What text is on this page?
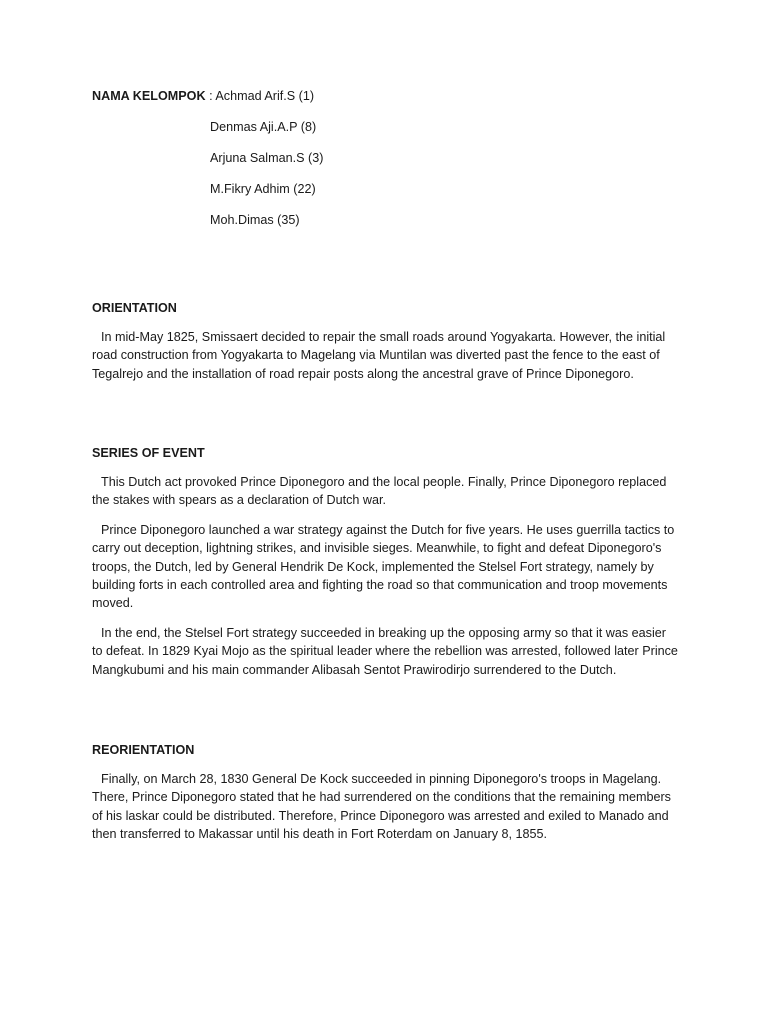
NAMA KELOMPOK : Achmad Arif.S (1)
Denmas Aji.A.P (8)
Arjuna Salman.S (3)
M.Fikry Adhim (22)
Moh.Dimas (35)
ORIENTATION

In mid-May 1825, Smissaert decided to repair the small roads around Yogyakarta. However, the initial road construction from Yogyakarta to Magelang via Muntilan was diverted past the fence to the east of Tegalrejo and the installation of road repair posts along the ancestral grave of Prince Diponegoro.

SERIES OF EVENT

This Dutch act provoked Prince Diponegoro and the local people. Finally, Prince Diponegoro replaced the stakes with spears as a declaration of Dutch war.

Prince Diponegoro launched a war strategy against the Dutch for five years. He uses guerrilla tactics to carry out deception, lightning strikes, and invisible sieges. Meanwhile, to fight and defeat Diponegoro's troops, the Dutch, led by General Hendrik De Kock, implemented the Stelsel Fort strategy, namely by building forts in each controlled area and fighting the road so that communication and troop movements moved.

In the end, the Stelsel Fort strategy succeeded in breaking up the opposing army so that it was easier to defeat. In 1829 Kyai Mojo as the spiritual leader where the rebellion was arrested, followed later Prince Mangkubumi and his main commander Alibasah Sentot Prawirodirjo surrendered to the Dutch.

REORIENTATION

Finally, on March 28, 1830 General De Kock succeeded in pinning Diponegoro's troops in Magelang. There, Prince Diponegoro stated that he had surrendered on the conditions that the remaining members of his laskar could be distributed. Therefore, Prince Diponegoro was arrested and exiled to Manado and then transferred to Makassar until his death in Fort Roterdam on January 8, 1855.
